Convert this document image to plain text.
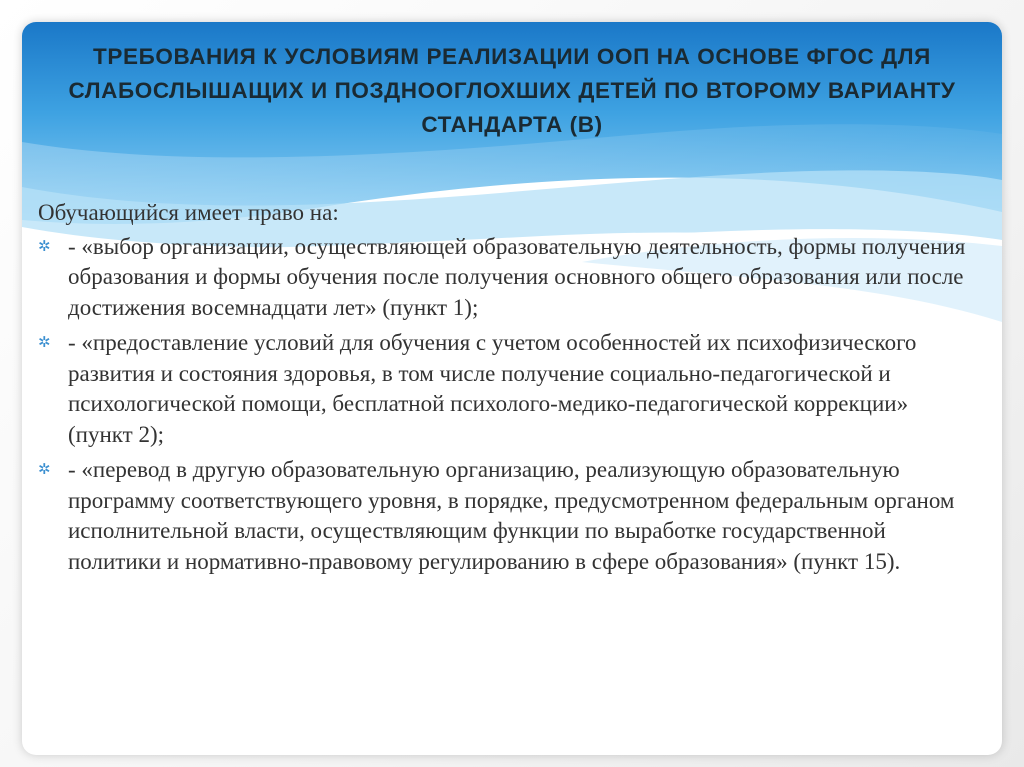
ТРЕБОВАНИЯ К УСЛОВИЯМ РЕАЛИЗАЦИИ ООП НА ОСНОВЕ ФГОС ДЛЯ СЛАБОСЛЫШАЩИХ И ПОЗДНООГЛОХШИХ ДЕТЕЙ ПО ВТОРОМУ ВАРИАНТУ СТАНДАРТА (В)

Обучающийся имеет право на:

✲ - «выбор организации, осуществляющей образовательную деятельность, формы получения образования и формы обучения после получения основного общего образования или после достижения восемнадцати лет» (пункт 1);
✲ - «предоставление условий для обучения с учетом особенностей их психофизического развития и состояния здоровья, в том числе получение социально-педагогической и психологической помощи, бесплатной психолого-медико-педагогической коррекции» (пункт 2);
✲ - «перевод в другую образовательную организацию, реализующую образовательную программу соответствующего уровня, в порядке, предусмотренном федеральным органом исполнительной власти, осуществляющим функции по выработке государственной политики и нормативно-правовому регулированию в сфере образования» (пункт 15).
